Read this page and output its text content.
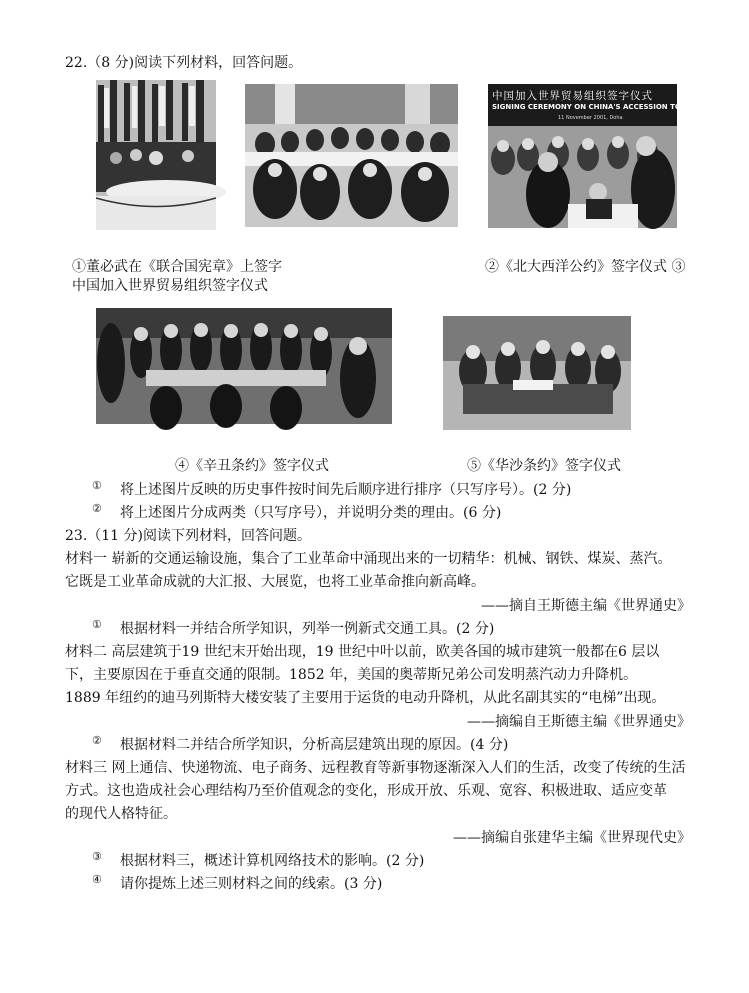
22.（8 分)阅读下列材料，回答问题。
中国加入世界贸易组织签字仪式
SIGNING CEREMONY ON CHINA'S ACCESSION TO THE WT
11 November 2001, Doha
①董必武在《联合国宪章》上签字	②《北大西洋公约》签字仪式 ③
中国加入世界贸易组织签字仪式
④《辛丑条约》签字仪式	⑤《华沙条约》签字仪式
① 将上述图片反映的历史事件按时间先后顺序进行排序（只写序号）。(2 分)
② 将上述图片分成两类（只写序号），并说明分类的理由。(6 分)
23.（11 分)阅读下列材料，回答问题。
材料一 崭新的交通运输设施，集合了工业革命中涌现出来的一切精华：机械、钢铁、煤炭、蒸汽。
它既是工业革命成就的大汇报、大展览，也将工业革命推向新高峰。
——摘自王斯德主编《世界通史》
① 根据材料一并结合所学知识，列举一例新式交通工具。(2 分)
材料二 高层建筑于19 世纪末开始出现，19 世纪中叶以前，欧美各国的城市建筑一般都在6 层以
下，主要原因在于垂直交通的限制。1852 年，美国的奥蒂斯兄弟公司发明蒸汽动力升降机。
1889 年纽约的迪马列斯特大楼安装了主要用于运货的电动升降机，从此名副其实的“电梯”出现。
——摘编自王斯德主编《世界通史》
② 根据材料二并结合所学知识，分析高层建筑出现的原因。(4 分)
材料三 网上通信、快递物流、电子商务、远程教育等新事物逐渐深入人们的生活，改变了传统的生活
方式。这也造成社会心理结构乃至价值观念的变化，形成开放、乐观、宽容、积极进取、适应变革
的现代人格特征。
——摘编自张建华主编《世界现代史》
③ 根据材料三，概述计算机网络技术的影响。(2 分)
④ 请你提炼上述三则材料之间的线索。(3 分)
